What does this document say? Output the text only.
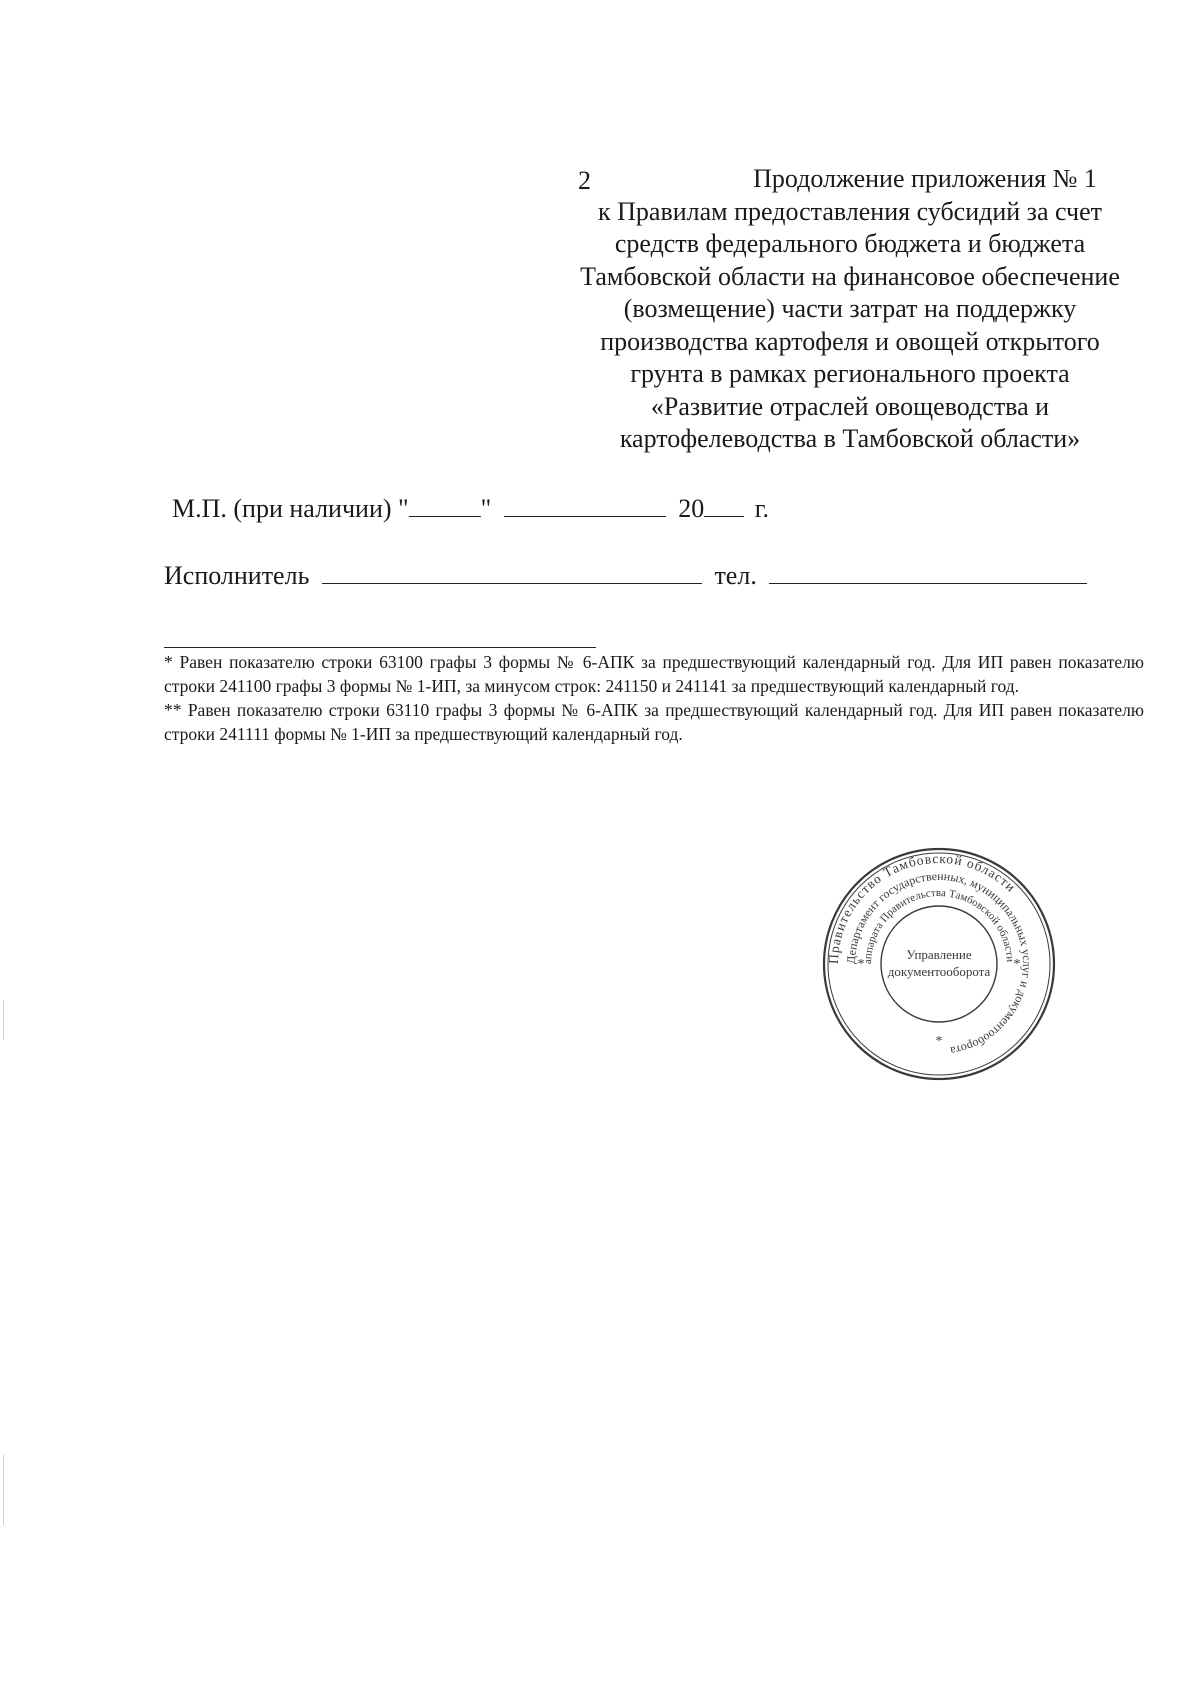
2	Продолжение приложения № 1
к Правилам предоставления субсидий за счет
средств федерального бюджета и бюджета
Тамбовской области на финансовое обеспечение
(возмещение) части затрат на поддержку
производства картофеля и овощей открытого
грунта в рамках регионального проекта
«Развитие отраслей овощеводства и
картофелеводства в Тамбовской области»
М.П. (при наличии) "	"	20 г.
Исполнитель	тел.

* Равен показателю строки 63100 графы 3 формы № 6-АПК за предшествующий календарный год. Для ИП равен показателю строки 241100 графы 3 формы № 1-ИП, за минусом строк: 241150 и 241141 за предшествующий календарный год.

** Равен показателю строки 63110 графы 3 формы № 6-АПК за предшествующий календарный год. Для ИП равен показателю строки 241111 формы № 1-ИП за предшествующий календарный год.

Правительство Тамбовской области
Департамент государственных, муниципальных услуг и документооборота
аппарата Правительства Тамбовской области
Управление
документооборота
*
*	*
